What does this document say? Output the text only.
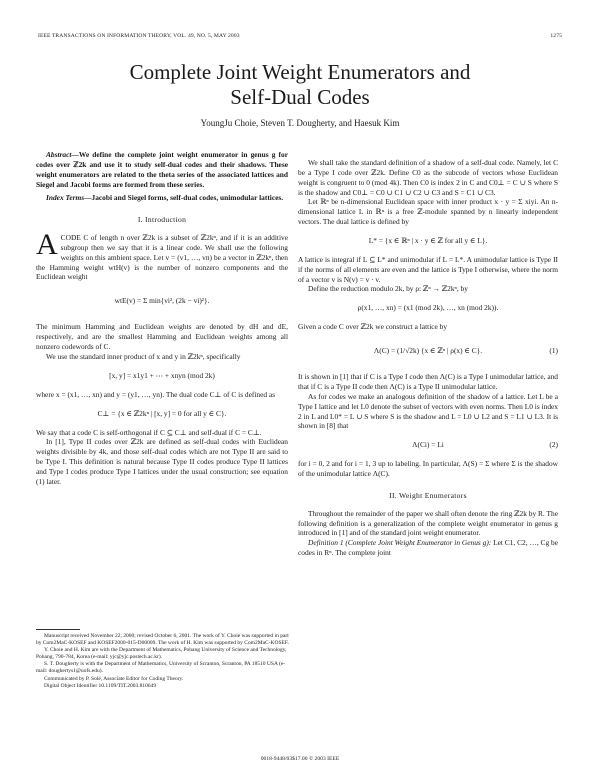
IEEE TRANSACTIONS ON INFORMATION THEORY, VOL. 49, NO. 5, MAY 2003	1275
Complete Joint Weight Enumerators and
Self-Dual Codes
YoungJu Choie, Steven T. Dougherty, and Haesuk Kim

Abstract—We define the complete joint weight enumerator in genus g for codes over ℤ2k and use it to study self-dual codes and their shadows. These weight enumerators are related to the theta series of the associated lattices and Siegel and Jacobi forms are formed from these series.

Index Terms—Jacobi and Siegel forms, self-dual codes, unimodular lattices.

I. Introduction

ACODE C of length n over ℤ2k is a subset of ℤ2kⁿ, and if it is an additive subgroup then we say that it is a linear code. We shall use the following weights on this ambient space. Let v = (v1, …, vn) be a vector in ℤ2kⁿ, then the Hamming weight wtH(v) is the number of nonzero components and the Euclidean weight

wtE(v) = Σ min{vi², (2k − vi)²}.

The minimum Hamming and Euclidean weights are denoted by dH and dE, respectively, and are the smallest Hamming and Euclidean weights among all nonzero codewords of C.

We use the standard inner product of x and y in ℤ2kⁿ, specifically

[x, y] = x1y1 + ⋯ + xnyn (mod 2k)

where x = (x1, …, xn) and y = (y1, …, yn). The dual code C⊥ of C is defined as

C⊥ = {x ∈ ℤ2kⁿ | [x, y] = 0 for all y ∈ C}.

We say that a code C is self-orthogonal if C ⊆ C⊥ and self-dual if C = C⊥.

In [1], Type II codes over ℤ2k are defined as self-dual codes with Euclidean weights divisible by 4k, and those self-dual codes which are not Type II are said to be Type I. This definition is natural because Type II codes produce Type II lattices and Type I codes produce Type I lattices under the usual construction; see equation (1) later.

Manuscript received November 22, 2000; revised October 6, 2001. The work of Y. Choie was supported in part by Com2MaC-KOSEF and KOSEF2000-015-D00009. The work of H. Kim was supported by Com2MaC-KOSEF.

Y. Choie and H. Kim are with the Department of Mathematics, Pohang University of Science and Technology, Pohang, 790-784, Korea (e-mail: yjc@yjc.postech.ac.kr).

S. T. Dougherty is with the Department of Mathematics, University of Scranton, Scranton, PA 18510 USA (e-mail: doughertys1@uofs.edu).

Communicated by P. Solé, Associate Editor for Coding Theory.

Digital Object Identifier 10.1109/TIT.2003.810649

We shall take the standard definition of a shadow of a self-dual code. Namely, let C be a Type I code over ℤ2k. Define C0 as the subcode of vectors whose Euclidean weight is congruent to 0 (mod 4k). Then C0 is index 2 in C and C0⊥ = C ∪ S where S is the shadow and C0⊥ = C0 ∪ C1 ∪ C2 ∪ C3 and S = C1 ∪ C3.

Let ℝⁿ be n-dimensional Euclidean space with inner product x · y = Σ xiyi. An n-dimensional lattice L in ℝⁿ is a free ℤ-module spanned by n linearly independent vectors. The dual lattice is defined by

L* = {x ∈ ℝⁿ | x · y ∈ ℤ for all y ∈ L}.

A lattice is integral if L ⊆ L* and unimodular if L = L*. A unimodular lattice is Type II if the norms of all elements are even and the lattice is Type I otherwise, where the norm of a vector v is N(v) = v · v.

Define the reduction modulo 2k, by ρ: ℤⁿ → ℤ2kⁿ, by

ρ(x1, …, xn) = (x1 (mod 2k), …, xn (mod 2k)).

Given a code C over ℤ2k we construct a lattice by

Λ(C) = (1/√2k) {x ∈ ℤⁿ | ρ(x) ∈ C}.	(1)

It is shown in [1] that if C is a Type I code then Λ(C) is a Type I unimodular lattice, and that if C is a Type II code then Λ(C) is a Type II unimodular lattice.

As for codes we make an analogous definition of the shadow of a lattice. Let L be a Type I lattice and let L0 denote the subset of vectors with even norms. Then L0 is index 2 in L and L0* = L ∪ S where S is the shadow and L = L0 ∪ L2 and S = L1 ∪ L3. It is shown in [8] that

Λ(Ci) = Li	(2)

for i = 0, 2 and for i = 1, 3 up to labeling. In particular, Λ(S) = Σ where Σ is the shadow of the unimodular lattice Λ(C).

II. Weight Enumerators

Throughout the remainder of the paper we shall often denote the ring ℤ2k by R. The following definition is a generalization of the complete weight enumerator in genus g introduced in [1] and of the standard joint weight enumerator.

Definition 1 (Complete Joint Weight Enumerator in Genus g): Let C1, C2, …, Cg be codes in Rⁿ. The complete joint

0018-9448/03$17.00 © 2003 IEEE
